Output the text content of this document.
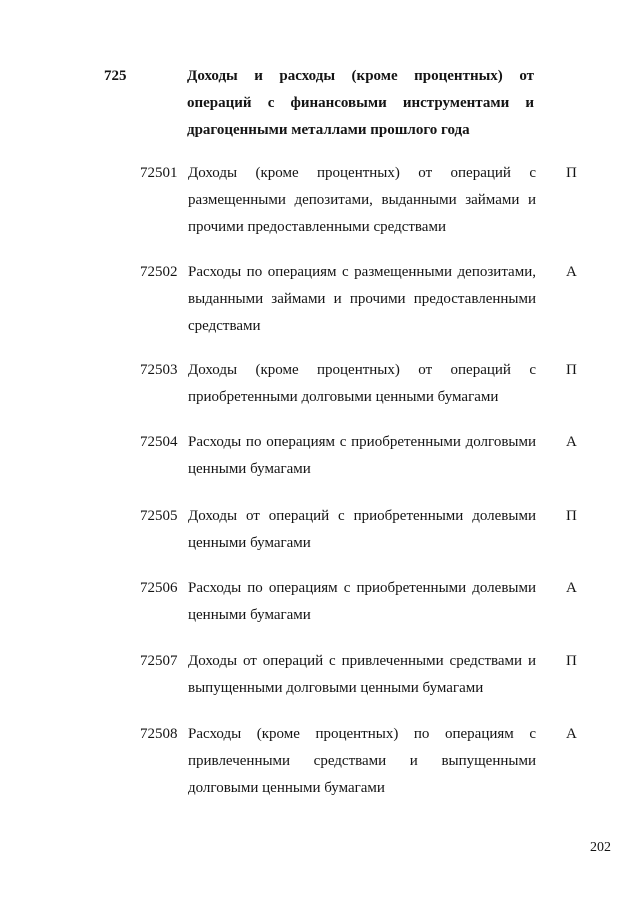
725	Доходы и расходы (кроме процентных) от операций с финансовыми инструментами и драгоценными металлами прошлого года
72501 Доходы (кроме процентных) от операций с размещенными депозитами, выданными займами и прочими предоставленными средствами
П
72502 Расходы по операциям с размещенными депозитами, выданными займами и прочими предоставленными средствами
А
72503 Доходы (кроме процентных) от операций с приобретенными долговыми ценными бумагами
П
72504 Расходы по операциям с приобретенными долговыми ценными бумагами
А
72505 Доходы от операций с приобретенными долевыми ценными бумагами
П
72506 Расходы по операциям с приобретенными долевыми ценными бумагами
А
72507 Доходы от операций с привлеченными средствами и выпущенными долговыми ценными бумагами
П
72508 Расходы (кроме процентных) по операциям с привлеченными средствами и выпущенными долговыми ценными бумагами
А
202
